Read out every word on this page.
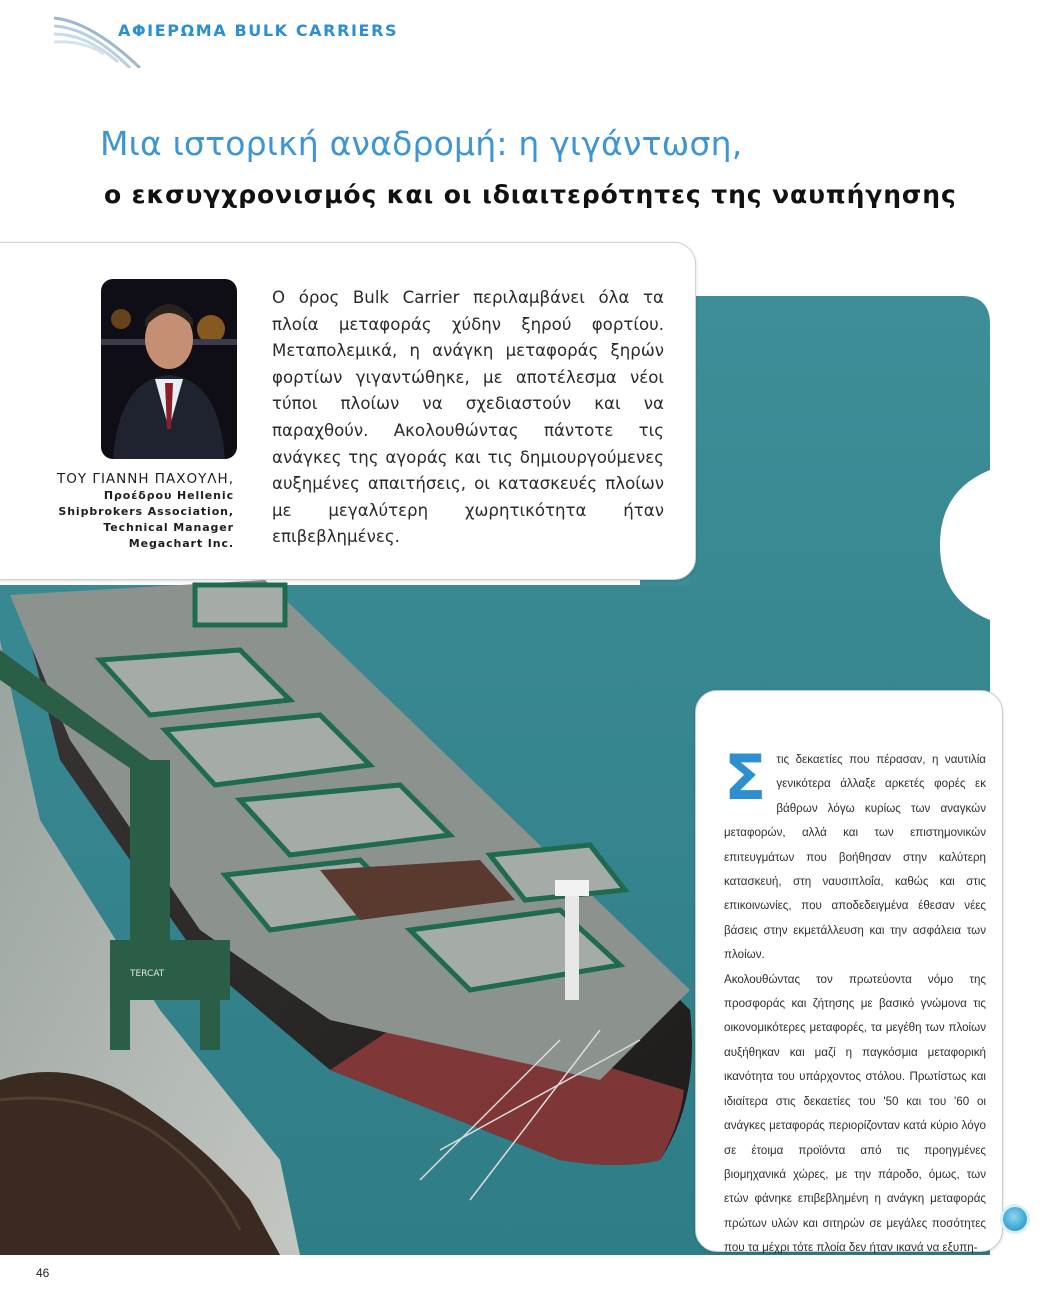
ΑΦΙΕΡΩΜΑ BULK CARRIERS
Μια ιστορική αναδρομή: η γιγάντωση,
ο εκσυγχρονισμός και οι ιδιαιτερότητες της ναυπήγησης
TERCAT
ΤΟΥ ΓΙΑΝΝΗ ΠΑΧΟΥΛΗ,
Προέδρου Hellenic Shipbrokers Association, Technical Manager Megachart Inc.

Ο όρος Bulk Carrier περιλαμβάνει όλα τα πλοία μεταφοράς χύδην ξηρού φορτίου. Μεταπολεμικά, η ανάγκη μεταφοράς ξηρών φορτίων γιγαντώθηκε, με αποτέλεσμα νέοι τύποι πλοίων να σχεδιαστούν και να παραχθούν. Ακολουθώντας πάντοτε τις ανάγκες της αγοράς και τις δημιουργούμενες αυξημένες απαιτήσεις, οι κατασκευές πλοίων με μεγαλύτερη χωρητικότητα ήταν επιβεβλημένες.

Σ τις δεκαετίες που πέρασαν, η ναυτιλία γενικότερα άλλαξε αρκετές φορές εκ βάθρων λόγω κυρίως των αναγκών μεταφορών, αλλά και των επιστημονικών επιτευγμάτων που βοήθησαν στην καλύτερη κατασκευή, στη ναυσιπλοΐα, καθώς και στις επικοινωνίες, που αποδεδειγμένα έθεσαν νέες βάσεις στην εκμετάλλευση και την ασφάλεια των πλοίων.
Ακολουθώντας τον πρωτεύοντα νόμο της προσφοράς και ζήτησης με βασικό γνώμονα τις οικονομικότερες μεταφορές, τα μεγέθη των πλοίων αυξήθηκαν και μαζί η παγκόσμια μεταφορική ικανότητα του υπάρχοντος στόλου. Πρωτίστως και ιδιαίτερα στις δεκαετίες του '50 και του '60 οι ανάγκες μεταφοράς περιορίζονταν κατά κύριο λόγο σε έτοιμα προϊόντα από τις προηγμένες βιομηχανικά χώρες, με την πάροδο, όμως, των ετών φάνηκε επιβεβλημένη η ανάγκη μεταφοράς πρώτων υλών και σιτηρών σε μεγάλες ποσότητες που τα μέχρι τότε πλοία δεν ήταν ικανά να εξυπη-
46
